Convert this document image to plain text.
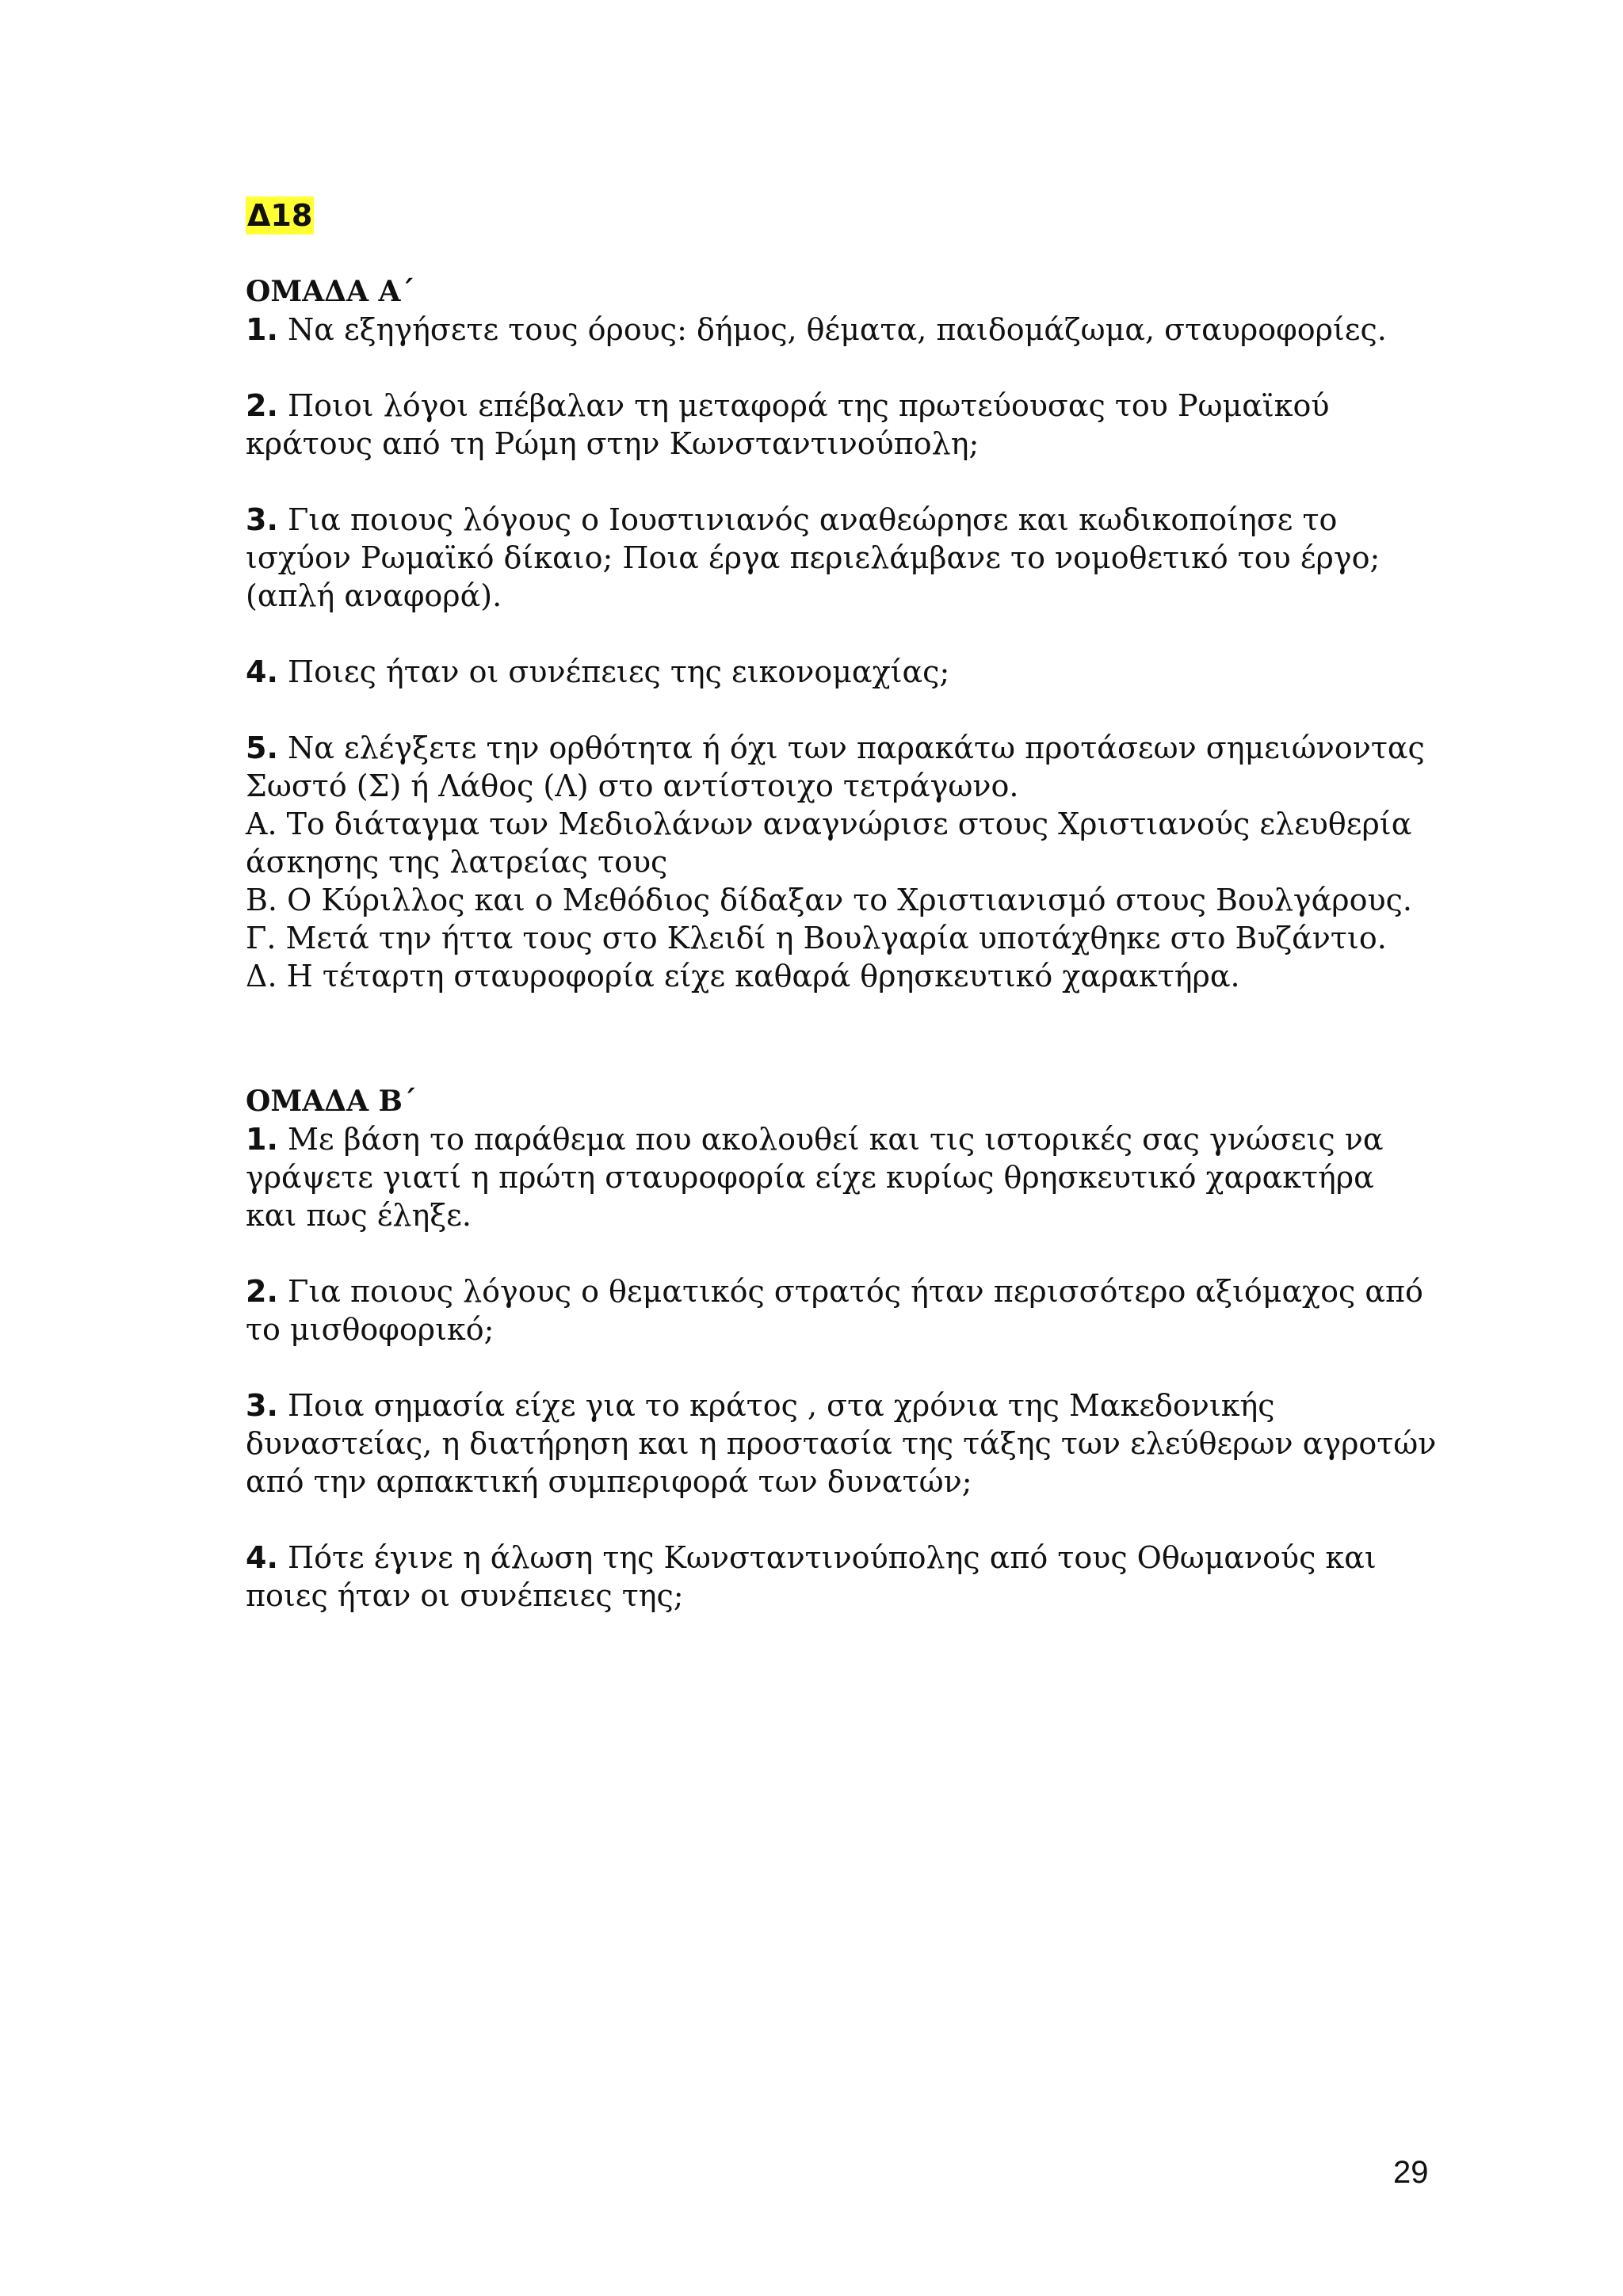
Δ18

ΟΜΑΔΑ Α΄

1. Να εξηγήσετε τους όρους: δήμος, θέματα, παιδομάζωμα, σταυροφορίες.
2. Ποιοι λόγοι επέβαλαν τη μεταφορά της πρωτεύουσας του Ρωμαϊκού
κράτους από τη Ρώμη στην Κωνσταντινούπολη;
3. Για ποιους λόγους ο Ιουστινιανός αναθεώρησε και κωδικοποίησε το
ισχύον Ρωμαϊκό δίκαιο; Ποια έργα περιελάμβανε το νομοθετικό του έργο;
(απλή αναφορά).
4. Ποιες ήταν οι συνέπειες της εικονομαχίας;
5. Να ελέγξετε την ορθότητα ή όχι των παρακάτω προτάσεων σημειώνοντας
Σωστό (Σ) ή Λάθος (Λ) στο αντίστοιχο τετράγωνο.
Α. Το διάταγμα των Μεδιολάνων αναγνώρισε στους Χριστιανούς ελευθερία
άσκησης της λατρείας τους
Β. Ο Κύριλλος και ο Μεθόδιος δίδαξαν το Χριστιανισμό στους Βουλγάρους.
Γ. Μετά την ήττα τους στο Κλειδί η Βουλγαρία υποτάχθηκε στο Βυζάντιο.
Δ. Η τέταρτη σταυροφορία είχε καθαρά θρησκευτικό χαρακτήρα.

ΟΜΑΔΑ Β΄

1. Με βάση το παράθεμα που ακολουθεί και τις ιστορικές σας γνώσεις να
γράψετε γιατί η πρώτη σταυροφορία είχε κυρίως θρησκευτικό χαρακτήρα
και πως έληξε.
2. Για ποιους λόγους ο θεματικός στρατός ήταν περισσότερο αξιόμαχος από
το μισθοφορικό;
3. Ποια σημασία είχε για το κράτος , στα χρόνια της Μακεδονικής
δυναστείας, η διατήρηση και η προστασία της τάξης των ελεύθερων αγροτών
από την αρπακτική συμπεριφορά των δυνατών;
4. Πότε έγινε η άλωση της Κωνσταντινούπολης από τους Οθωμανούς και
ποιες ήταν οι συνέπειες της;
29
